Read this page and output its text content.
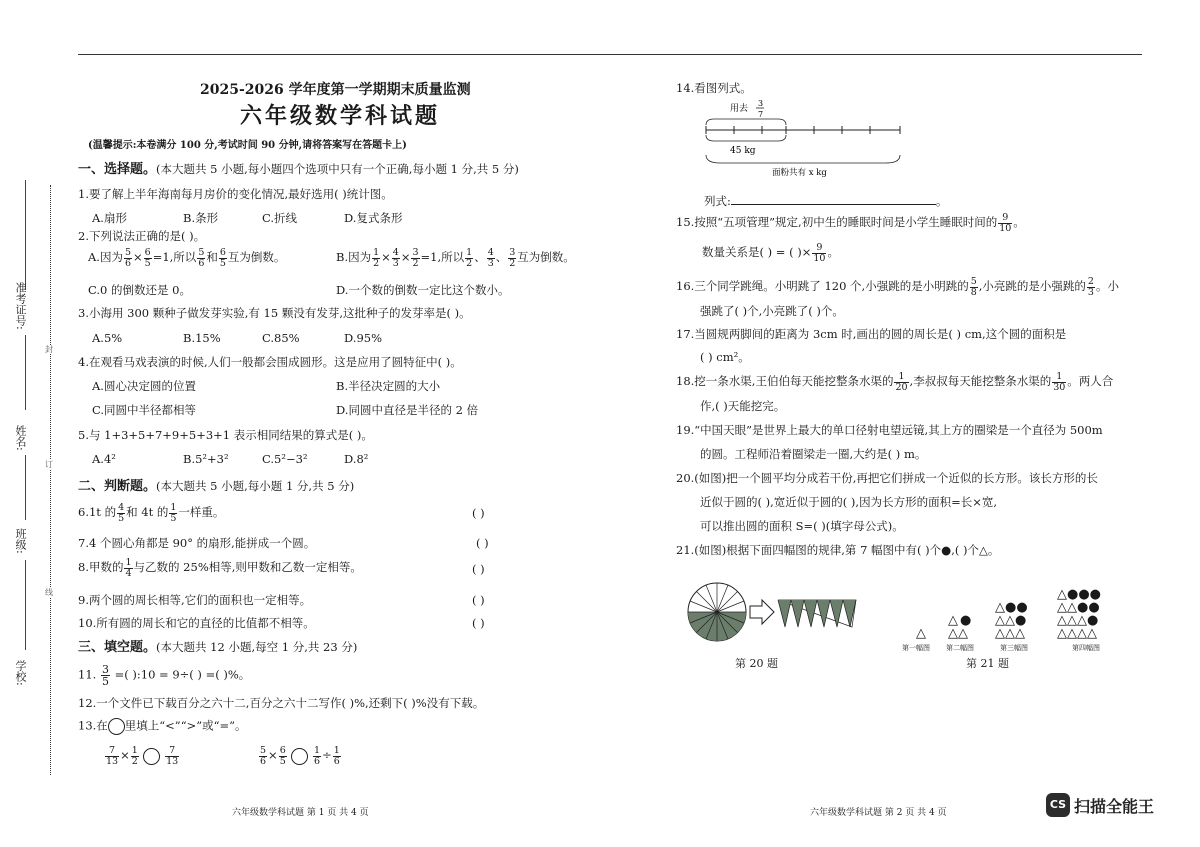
准考证号:
姓名:
班级:
学校:
封
订
线
2025-2026 学年度第一学期期末质量监测
六年级数学科试题
(温馨提示:本卷满分 100 分,考试时间 90 分钟,请将答案写在答题卡上)
一、选择题。(本大题共 5 小题,每小题四个选项中只有一个正确,每小题 1 分,共 5 分)
1.要了解上半年海南每月房价的变化情况,最好选用( )统计图。
A.扇形	B.条形	C.折线	D.复式条形
2.下列说法正确的是( )。
A.因为 $\frac{5}{6} \times \frac{6}{5} =1$,所以 $\frac{5}{6}$ 和 $\frac{6}{5}$ 互为倒数。	B.因为 $\frac{1}{2} \times \frac{4}{3} \times \frac{3}{2} =1$,所以 $\frac{1}{2}$ 、 $\frac{4}{3}$ 、 $\frac{3}{2}$ 互为倒数。
C.0 的倒数还是 0。	D.一个数的倒数一定比这个数小。
3.小海用 300 颗种子做发芽实验,有 15 颗没有发芽,这批种子的发芽率是( )。
A.5%	B.15%	C.85%	D.95%
4.在观看马戏表演的时候,人们一般都会围成圆形。这是应用了圆特征中( )。
A.圆心决定圆的位置	B.半径决定圆的大小
C.同圆中半径都相等	D.同圆中直径是半径的 2 倍
5.与 1+3+5+7+9+5+3+1 表示相同结果的算式是( )。
A.4²	B.5²+3²	C.5²−3²	D.8²
二、判断题。(本大题共 5 小题,每小题 1 分,共 5 分)
6.1t 的 $\frac{4}{5}$ 和 4t 的 $\frac{1}{5}$ 一样重。	( )
7.4 个圆心角都是 90° 的扇形,能拼成一个圆。	( )
8.甲数的 $\frac{1}{4}$ 与乙数的 25%相等,则甲数和乙数一定相等。	( )
9.两个圆的周长相等,它们的面积也一定相等。	( )
10.所有圆的周长和它的直径的比值都不相等。	( )
三、填空题。(本大题共 12 小题,每空 1 分,共 23 分)
11. $\frac{3}{5}$ =( ):10 = 9÷( ) =( )%。
12.一个文件已下载百分之六十二,百分之六十二写作( )%,还剩下( )%没有下载。
13.在 里填上“<”“>”或“=”。
$\frac{7}{13} \times \frac{1}{2}$
	$\frac{7}{13}$	$\frac{5}{6} \times \frac{6}{5}$
	$\frac{1}{6} \div \frac{1}{6}$
14.看图列式。
用去
3
7
45 kg
面粉共有 x kg
列式:	。
15.按照“五项管理”规定,初中生的睡眠时间是小学生睡眠时间的 $\frac{9}{10}$ 。
数量关系是( ) = ( )× $\frac{9}{10}$ 。
16.三个同学跳绳。小明跳了 120 个,小强跳的是小明跳的 $\frac{5}{8}$ ,小亮跳的是小强跳的 $\frac{2}{3}$ 。小
强跳了( )个,小亮跳了( )个。
17.当圆规两脚间的距离为 3cm 时,画出的圆的周长是( ) cm,这个圆的面积是
( ) cm²。
18.挖一条水渠,王伯伯每天能挖整条水渠的 $\frac{1}{20}$ ,李叔叔每天能挖整条水渠的 $\frac{1}{30}$ 。两人合
作,( )天能挖完。
19.“中国天眼”是世界上最大的单口径射电望远镜,其上方的圈梁是一个直径为 500m
的圆。工程师沿着圈梁走一圈,大约是( ) m。
20.(如图)把一个圆平均分成若干份,再把它们拼成一个近似的长方形。该长方形的长
近似于圆的( ),宽近似于圆的( ),因为长方形的面积=长×宽,
可以推出圆的面积 S=( )(填字母公式)。
21.(如图)根据下面四幅图的规律,第 7 幅图中有( )个●,( )个△。
第 20 题
△
△ ●
△△
△●●
△△●
△△△
△●●●
△△●●
△△△●
△△△△
第一幅图 第二幅图	第三幅图	第四幅图
第 21 题
六年级数学科试题 第 1 页 共 4 页	六年级数学科试题 第 2 页 共 4 页
CS 扫描全能王
